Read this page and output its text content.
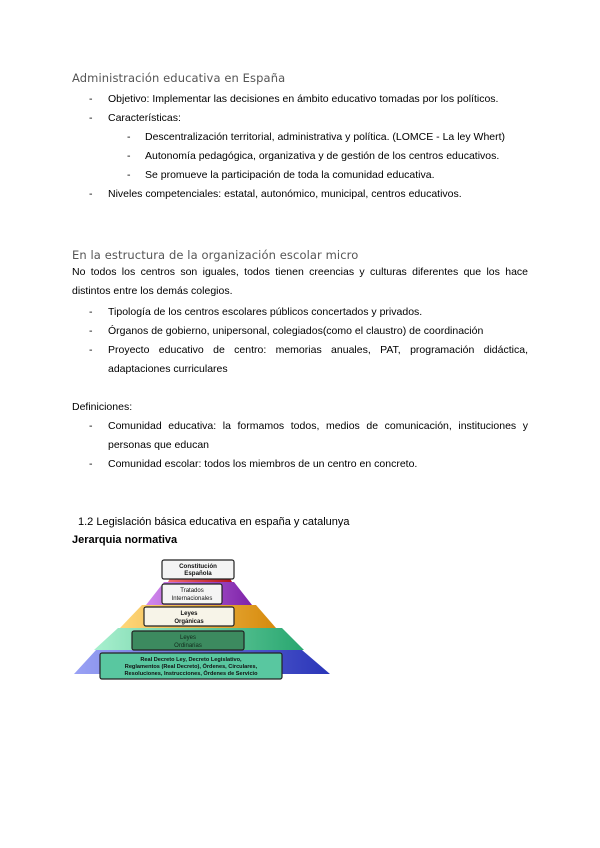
Administración educativa en España
- Objetivo: Implementar las decisiones en ámbito educativo tomadas por los políticos.
- Características:
- Descentralización territorial, administrativa y política. (LOMCE - La ley Whert)
- Autonomía pedagógica, organizativa y de gestión de los centros educativos.
- Se promueve la participación de toda la comunidad educativa.
- Niveles competenciales: estatal, autonómico, municipal, centros educativos.
En la estructura de la organización escolar micro
No todos los centros son iguales, todos tienen creencias y culturas diferentes que los hace distintos entre los demás colegios.
- Tipología de los centros escolares públicos concertados y privados.
- Órganos de gobierno, unipersonal, colegiados(como el claustro) de coordinación
- Proyecto educativo de centro: memorias anuales, PAT, programación didáctica, adaptaciones curriculares
Definiciones:
- Comunidad educativa: la formamos todos, medios de comunicación, instituciones y personas que educan
- Comunidad escolar: todos los miembros de un centro en concreto.
1.2 Legislación básica educativa en españa y catalunya
Jerarquia normativa
Constitución
Española
Tratados
Internacionales
Leyes
Orgánicas
Leyes
Ordinarias
Real Decreto Ley, Decreto Legislativo,
Reglamentos (Real Decreto), Órdenes, Circulares,
Resoluciones, Instrucciones, Órdenes de Servicio
